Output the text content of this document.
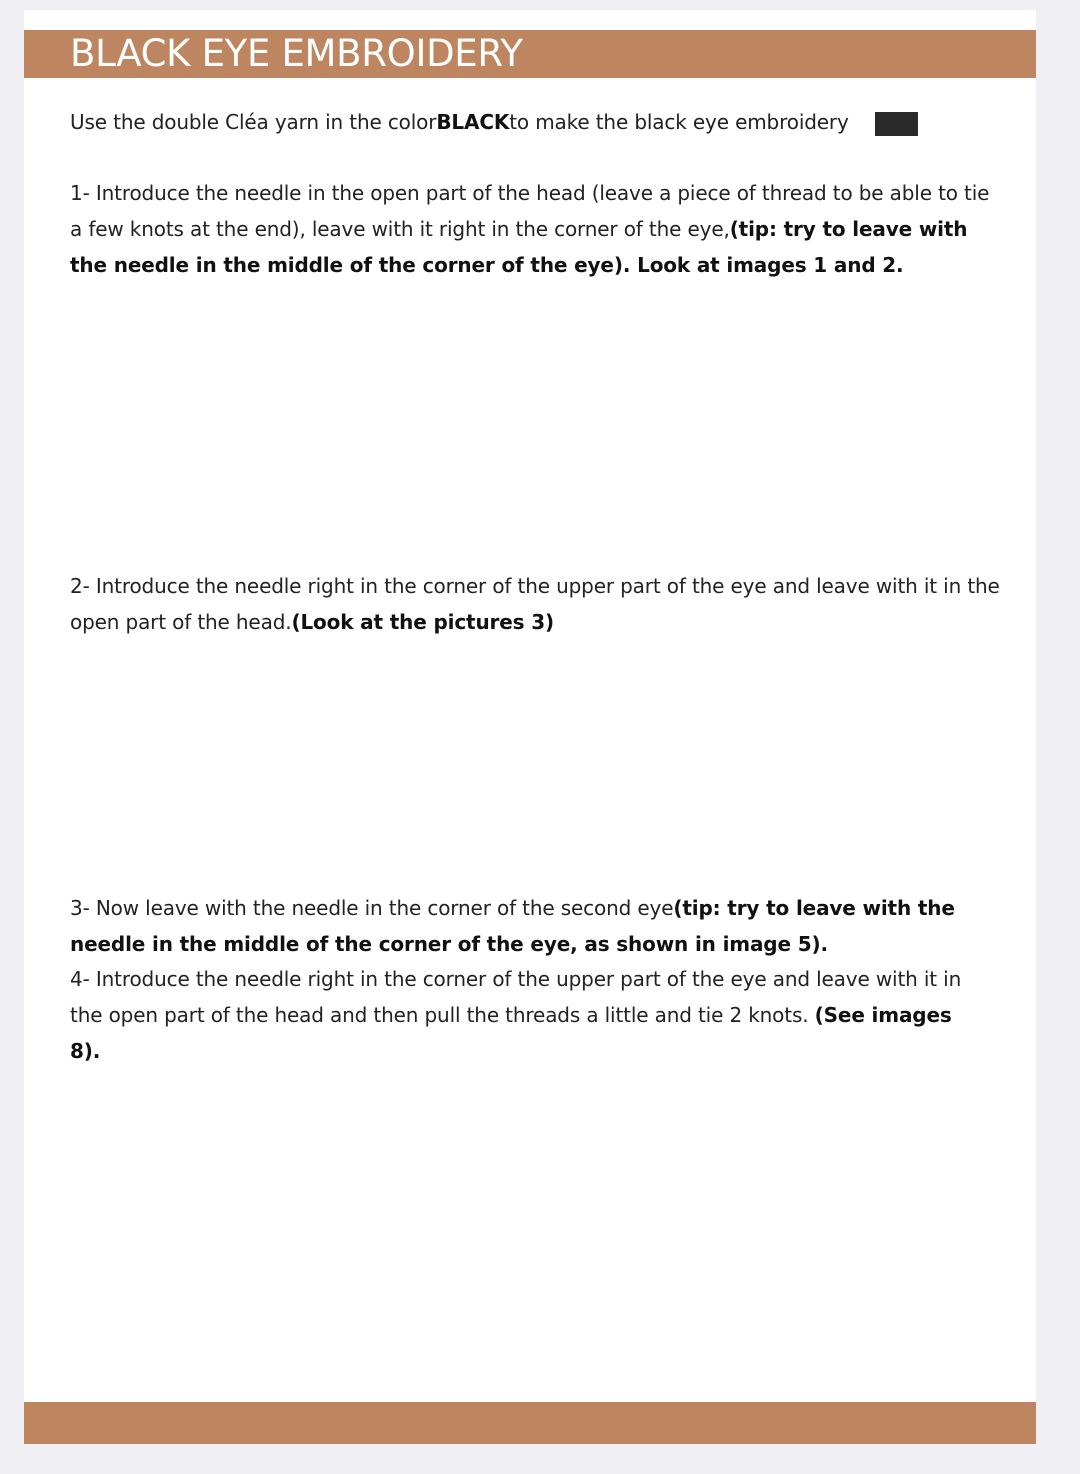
BLACK EYE EMBROIDERY
Use the double Cléa yarn in the colorBLACKto make the black eye embroidery
1- Introduce the needle in the open part of the head (leave a piece of thread to be able to tie a few knots at the end), leave with it right in the corner of the eye,(tip: try to leave with the needle in the middle of the corner of the eye). Look at images 1 and 2.
2- Introduce the needle right in the corner of the upper part of the eye and leave with it in the open part of the head.(Look at the pictures 3)
3- Now leave with the needle in the corner of the second eye(tip: try to leave with the needle in the middle of the corner of the eye, as shown in image 5).
4- Introduce the needle right in the corner of the upper part of the eye and leave with it in the open part of the head and then pull the threads a little and tie 2 knots. (See images 8).
